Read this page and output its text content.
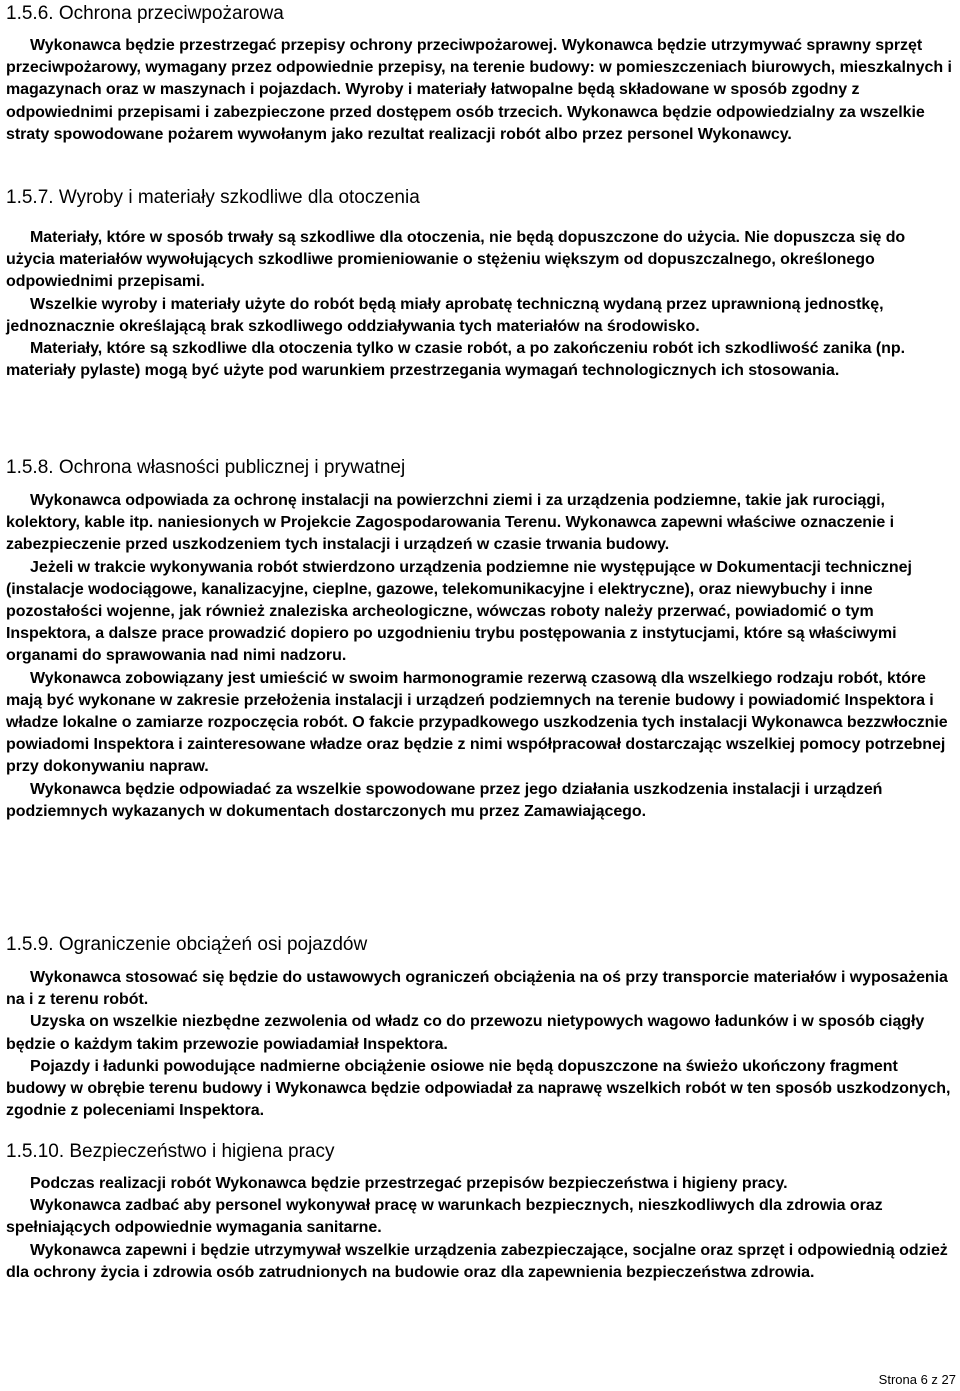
1.5.6. Ochrona przeciwpożarowa
Wykonawca będzie przestrzegać przepisy ochrony przeciwpożarowej. Wykonawca będzie utrzymywać sprawny sprzęt przeciwpożarowy, wymagany przez odpowiednie przepisy, na terenie budowy: w pomieszczeniach biurowych, mieszkalnych i magazynach oraz w maszynach i pojazdach. Wyroby i materiały łatwopalne będą składowane w sposób zgodny z odpowiednimi przepisami i zabezpieczone przed dostępem osób trzecich. Wykonawca będzie odpowiedzialny za wszelkie straty spowodowane pożarem wywołanym jako rezultat realizacji robót albo przez personel Wykonawcy.
1.5.7. Wyroby i materiały szkodliwe dla otoczenia
Materiały, które w sposób trwały są szkodliwe dla otoczenia, nie będą dopuszczone do użycia. Nie dopuszcza się do użycia materiałów wywołujących szkodliwe promieniowanie o stężeniu większym od dopuszczalnego, określonego odpowiednimi przepisami.
Wszelkie wyroby i materiały użyte do robót będą miały aprobatę techniczną wydaną przez uprawnioną jednostkę, jednoznacznie określającą brak szkodliwego oddziaływania tych materiałów na środowisko.
Materiały, które są szkodliwe dla otoczenia tylko w czasie robót, a po zakończeniu robót ich szkodliwość zanika (np. materiały pylaste) mogą być użyte pod warunkiem przestrzegania wymagań technologicznych ich stosowania.
1.5.8. Ochrona własności publicznej i prywatnej
Wykonawca odpowiada za ochronę instalacji na powierzchni ziemi i za urządzenia podziemne, takie jak rurociągi, kolektory, kable itp. naniesionych w Projekcie Zagospodarowania Terenu. Wykonawca zapewni właściwe oznaczenie i zabezpieczenie przed uszkodzeniem tych instalacji i urządzeń w czasie trwania budowy.
Jeżeli w trakcie wykonywania robót stwierdzono urządzenia podziemne nie występujące w Dokumentacji technicznej (instalacje wodociągowe, kanalizacyjne, cieplne, gazowe, telekomunikacyjne i elektryczne), oraz niewybuchy i inne pozostałości wojenne, jak również znaleziska archeologiczne, wówczas roboty należy przerwać, powiadomić o tym Inspektora, a dalsze prace prowadzić dopiero po uzgodnieniu trybu postępowania z instytucjami, które są właściwymi organami do sprawowania nad nimi nadzoru.
Wykonawca zobowiązany jest umieścić w swoim harmonogramie rezerwą czasową dla wszelkiego rodzaju robót, które mają być wykonane w zakresie przełożenia instalacji i urządzeń podziemnych na terenie budowy i powiadomić Inspektora i władze lokalne o zamiarze rozpoczęcia robót. O fakcie przypadkowego uszkodzenia tych instalacji Wykonawca bezzwłocznie powiadomi Inspektora i zainteresowane władze oraz będzie z nimi współpracował dostarczając wszelkiej pomocy potrzebnej przy dokonywaniu napraw.
Wykonawca będzie odpowiadać za wszelkie spowodowane przez jego działania uszkodzenia instalacji i urządzeń podziemnych wykazanych w dokumentach dostarczonych mu przez Zamawiającego.
1.5.9. Ograniczenie obciążeń osi pojazdów
Wykonawca stosować się będzie do ustawowych ograniczeń obciążenia na oś przy transporcie materiałów i wyposażenia na i z terenu robót.
Uzyska on wszelkie niezbędne zezwolenia od władz co do przewozu nietypowych wagowo ładunków i w sposób ciągły będzie o każdym takim przewozie powiadamiał Inspektora.
Pojazdy i ładunki powodujące nadmierne obciążenie osiowe nie będą dopuszczone na świeżo ukończony fragment budowy w obrębie terenu budowy i Wykonawca będzie odpowiadał za naprawę wszelkich robót w ten sposób uszkodzonych, zgodnie z poleceniami Inspektora.
1.5.10. Bezpieczeństwo i higiena pracy
Podczas realizacji robót Wykonawca będzie przestrzegać przepisów bezpieczeństwa i higieny pracy.
Wykonawca zadbać aby personel wykonywał pracę w warunkach bezpiecznych, nieszkodliwych dla zdrowia oraz spełniających odpowiednie wymagania sanitarne.
Wykonawca zapewni i będzie utrzymywał wszelkie urządzenia zabezpieczające, socjalne oraz sprzęt i odpowiednią odzież dla ochrony życia i zdrowia osób zatrudnionych na budowie oraz dla zapewnienia bezpieczeństwa zdrowia.
Strona 6 z 27
